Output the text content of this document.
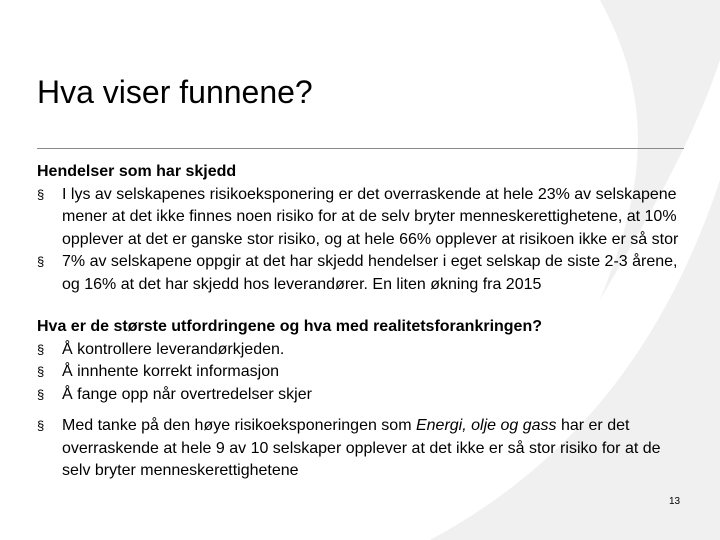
Hva viser funnene?

Hendelser som har skjedd

§	I lys av selskapenes risikoeksponering er det overraskende at hele 23% av selskapene mener at det ikke finnes noen risiko for at de selv bryter menneskerettighetene, at 10% opplever at det er ganske stor risiko, og at hele 66% opplever at risikoen ikke er så stor
§	7% av selskapene oppgir at det har skjedd hendelser i eget selskap de siste 2-3 årene, og 16% at det har skjedd hos leverandører. En liten økning fra 2015

Hva er de største utfordringene og hva med realitetsforankringen?

§	Å kontrollere leverandørkjeden.
§	Å innhente korrekt informasjon
§	Å fange opp når overtredelser skjer
§	Med tanke på den høye risikoeksponeringen som Energi, olje og gass har er det overraskende at hele 9 av 10 selskaper opplever at det ikke er så stor risiko for at de selv bryter menneskerettighetene
13
